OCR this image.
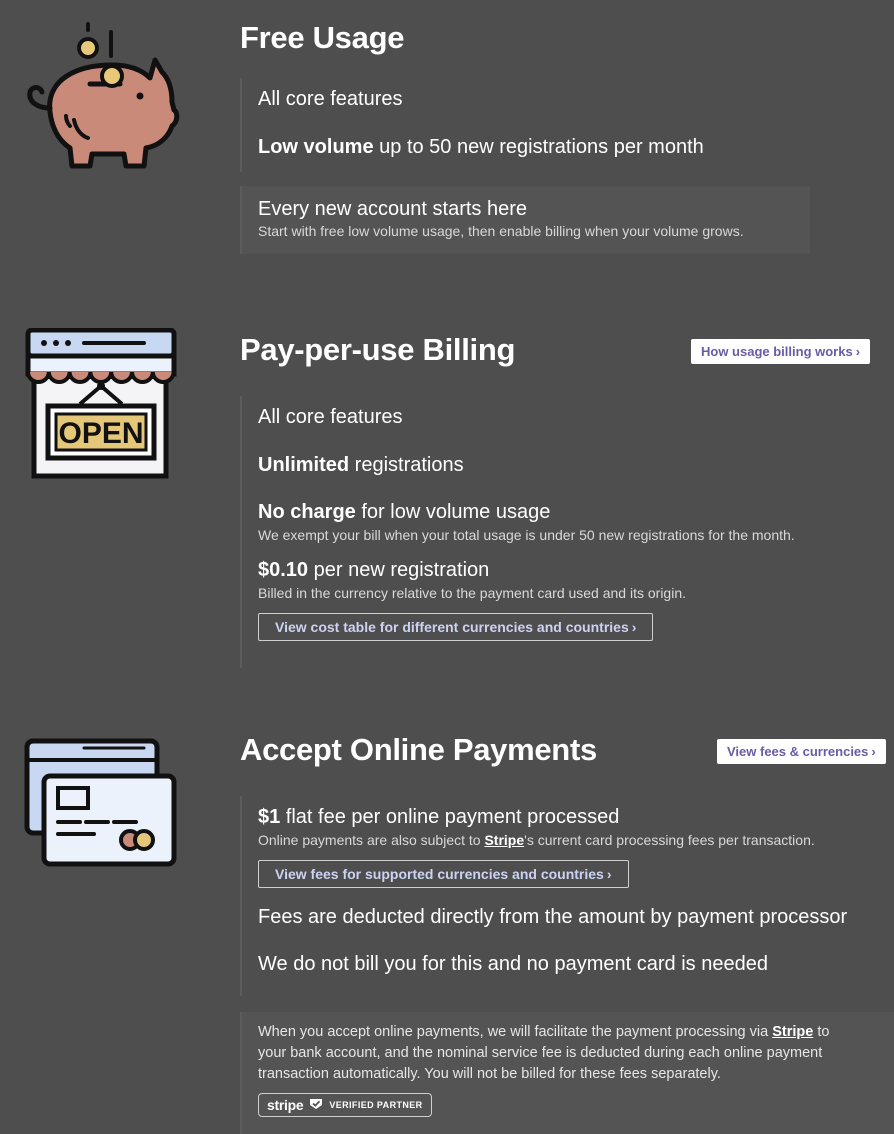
Free Usage
All core features
Low volume up to 50 new registrations per month
Every new account starts here
Start with free low volume usage, then enable billing when your volume grows.
OPEN
Pay-per-use Billing	How usage billing works ›
All core features
Unlimited registrations
No charge for low volume usage
We exempt your bill when your total usage is under 50 new registrations for the month.
$0.10 per new registration
Billed in the currency relative to the payment card used and its origin.
View cost table for different currencies and countries ›
Accept Online Payments	View fees & currencies ›
$1 flat fee per online payment processed
Online payments are also subject to Stripe's current card processing fees per transaction.
View fees for supported currencies and countries ›
Fees are deducted directly from the amount by payment processor
We do not bill you for this and no payment card is needed
When you accept online payments, we will facilitate the payment processing via Stripe to
your bank account, and the nominal service fee is deducted during each online payment
transaction automatically. You will not be billed for these fees separately.
stripe	VERIFIED PARTNER
